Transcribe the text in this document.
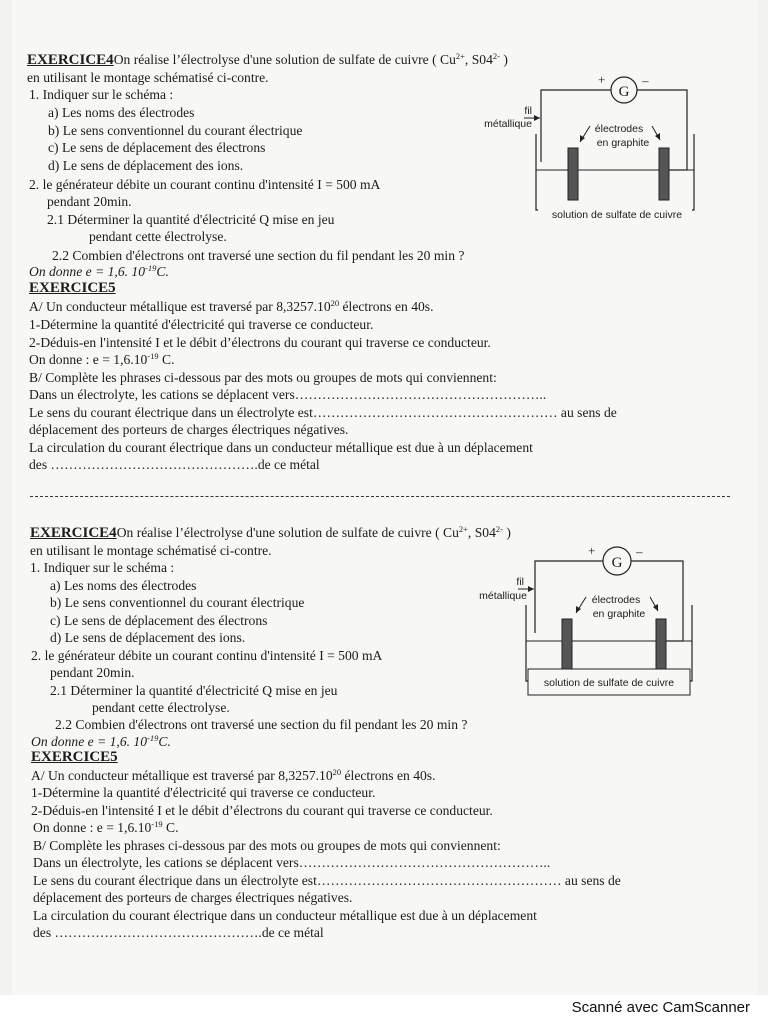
EXERCICE4On réalise l’électrolyse d'une solution de sulfate de cuivre ( $Cu^{2+}$, $S04^{2-}$ )
en utilisant le montage schématisé ci-contre.
1. Indiquer sur le schéma :
a) Les noms des électrodes
b) Le sens conventionnel du courant électrique
c) Le sens de déplacement des électrons
d) Le sens de déplacement des ions.
2. le générateur débite un courant continu d'intensité I = 500 mA
pendant 20min.
2.1 Déterminer la quantité d'électricité Q mise en jeu
pendant cette électrolyse.
2.2 Combien d'électrons ont traversé une section du fil pendant les 20 min ?
On donne e = 1,6. $10^{-19}C$.
EXERCICE5
A/ Un conducteur métallique est traversé par 8,3257.10$^{20}$ électrons en 40s.
1-Détermine la quantité d'électricité qui traverse ce conducteur.
2-Déduis-en l'intensité I et le débit d’électrons du courant qui traverse ce conducteur.
On donne : $e = 1,6.10^{-19}$ C.
B/ Complète les phrases ci-dessous par des mots ou groupes de mots qui conviennent:
Dans un électrolyte, les cations se déplacent vers………………………………………………..
Le sens du courant électrique dans un électrolyte est……………………………………………… au sens de
déplacement des porteurs de charges électriques négatives.
La circulation du courant électrique dans un conducteur métallique est due à un déplacement
des ……………………………………….de ce métal
G
+	–
fil
métallique	électrodes
en graphite
solution de sulfate de cuivre
EXERCICE4On réalise l’électrolyse d'une solution de sulfate de cuivre ( $Cu^{2+}$, $S04^{2-}$ )
en utilisant le montage schématisé ci-contre.
1. Indiquer sur le schéma :
a) Les noms des électrodes
b) Le sens conventionnel du courant électrique
c) Le sens de déplacement des électrons
d) Le sens de déplacement des ions.
2. le générateur débite un courant continu d'intensité I = 500 mA
pendant 20min.
2.1 Déterminer la quantité d'électricité Q mise en jeu
pendant cette électrolyse.
2.2 Combien d'électrons ont traversé une section du fil pendant les 20 min ?
On donne e = 1,6. $10^{-19}C$.
EXERCICE5
A/ Un conducteur métallique est traversé par 8,3257.10$^{20}$ électrons en 40s.
1-Détermine la quantité d'électricité qui traverse ce conducteur.
2-Déduis-en l'intensité I et le débit d’électrons du courant qui traverse ce conducteur.
On donne : $e = 1,6.10^{-19}$ C.
B/ Complète les phrases ci-dessous par des mots ou groupes de mots qui conviennent:
Dans un électrolyte, les cations se déplacent vers………………………………………………..
Le sens du courant électrique dans un électrolyte est……………………………………………… au sens de
déplacement des porteurs de charges électriques négatives.
La circulation du courant électrique dans un conducteur métallique est due à un déplacement
des ……………………………………….de ce métal
G
+	–
fil
métallique	électrodes
en graphite
solution de sulfate de cuivre
Scanné avec CamScanner
